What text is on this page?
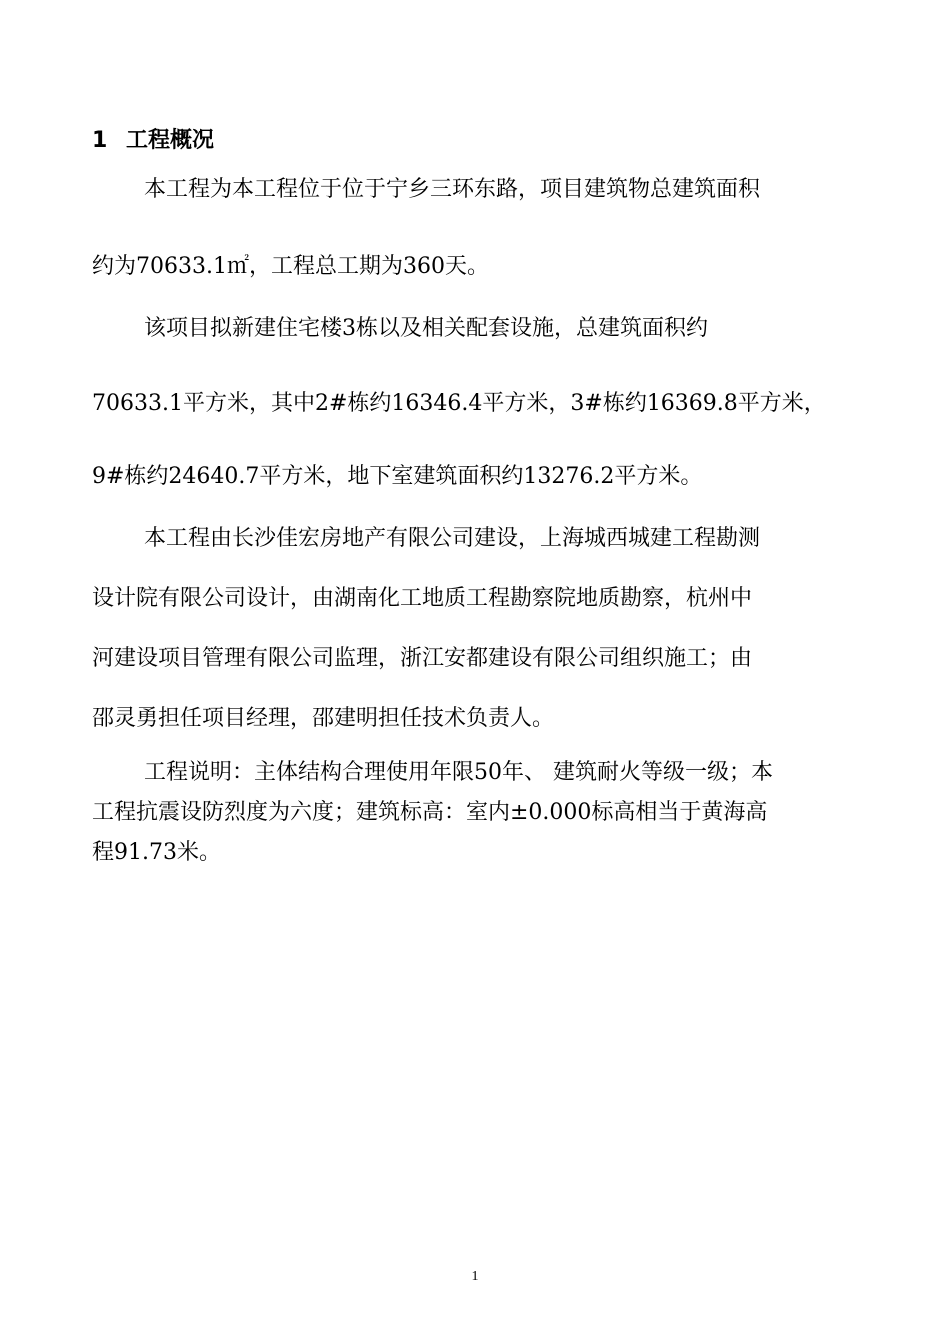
1 工程概况
本工程为本工程位于位于宁乡三环东路，项目建筑物总建筑面积
约为70633.1㎡，工程总工期为360天。
该项目拟新建住宅楼3栋以及相关配套设施，总建筑面积约
70633.1平方米，其中2#栋约16346.4平方米，3#栋约16369.8平方米，
9#栋约24640.7平方米，地下室建筑面积约13276.2平方米。
本工程由长沙佳宏房地产有限公司建设，上海城西城建工程勘测
设计院有限公司设计，由湖南化工地质工程勘察院地质勘察，杭州中
河建设项目管理有限公司监理，浙江安都建设有限公司组织施工；由
邵灵勇担任项目经理，邵建明担任技术负责人。
工程说明：主体结构合理使用年限50年、 建筑耐火等级一级；本
工程抗震设防烈度为六度；建筑标高：室内±0.000标高相当于黄海高
程91.73米。
1
